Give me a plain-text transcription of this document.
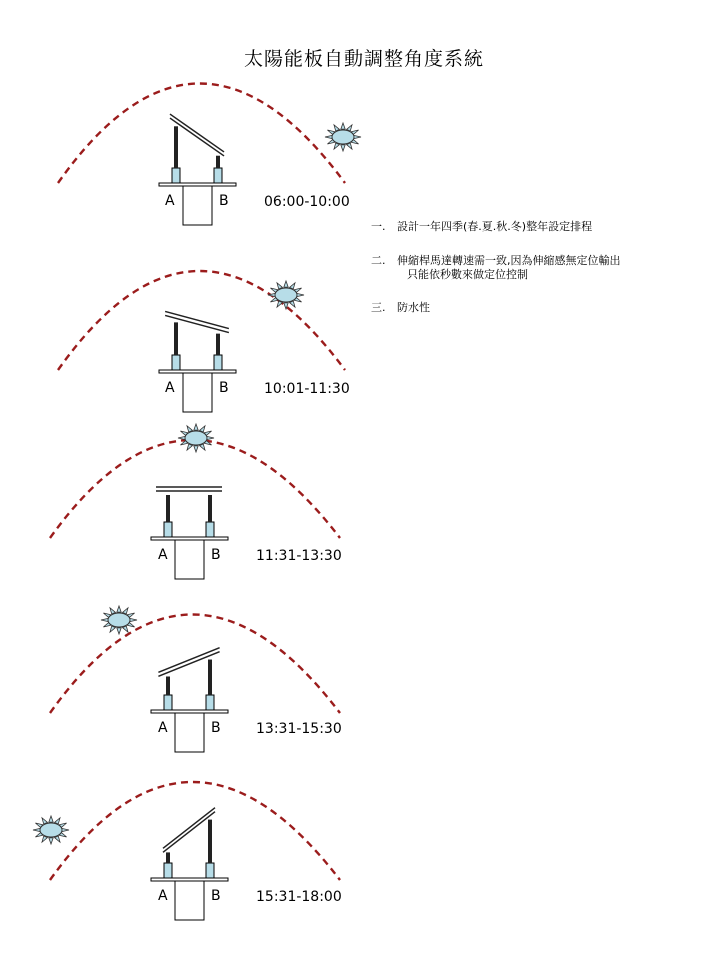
太陽能板自動調整角度系統
A	B	06:00-10:00
A	B	10:01-11:30
A	B	11:31-13:30
A	B	13:31-15:30
A	B	15:31-18:00
一. 設計一年四季(春.夏.秋.冬)整年設定排程
二. 伸縮桿馬達轉速需一致,因為伸縮感無定位輸出
只能依秒數來做定位控制
三. 防水性
